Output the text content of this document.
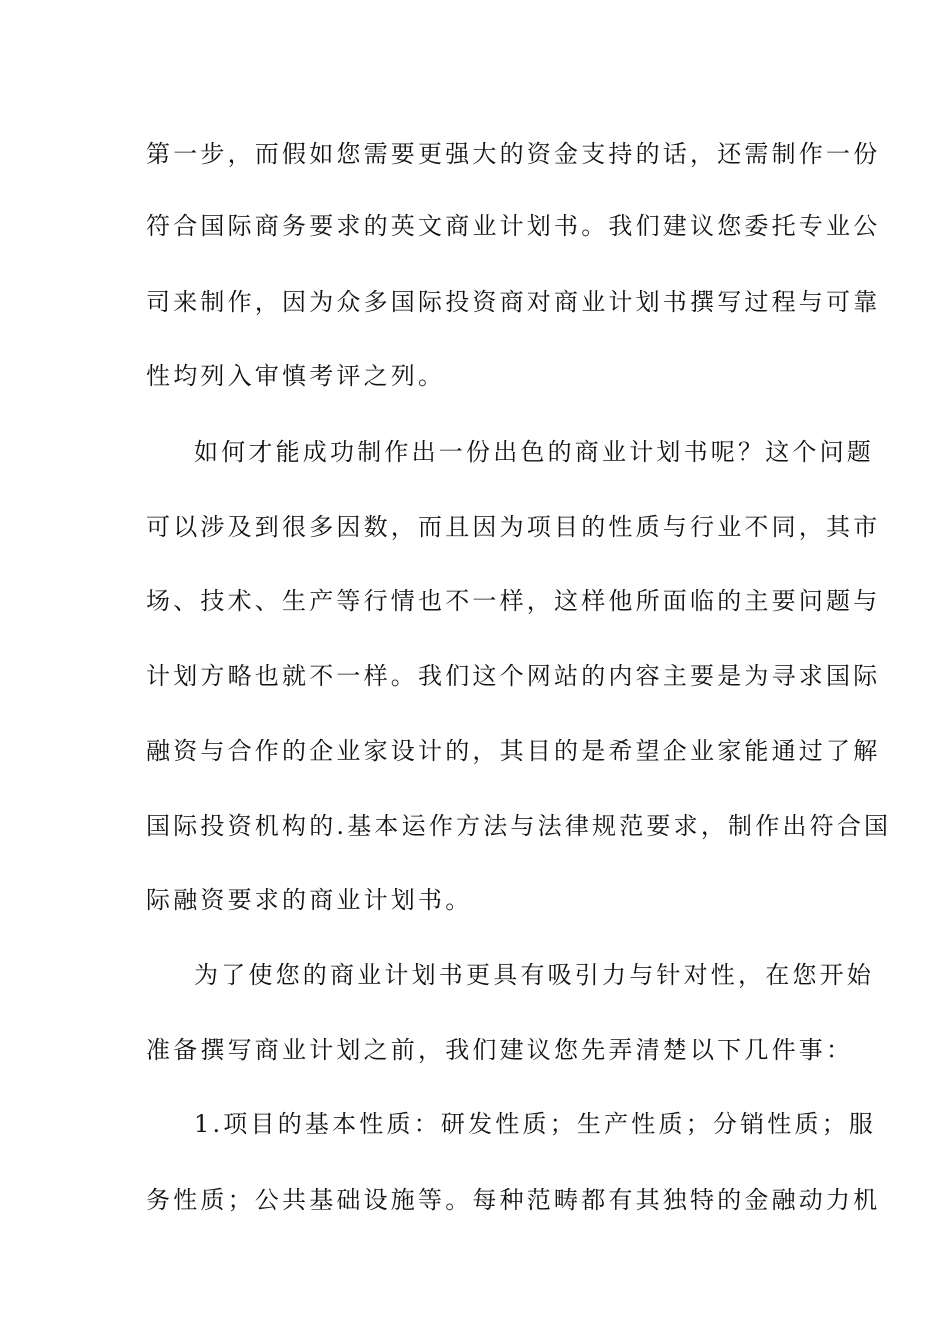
第一步，而假如您需要更强大的资金支持的话，还需制作一份
符合国际商务要求的英文商业计划书。我们建议您委托专业公
司来制作，因为众多国际投资商对商业计划书撰写过程与可靠
性均列入审慎考评之列。
如何才能成功制作出一份出色的商业计划书呢？这个问题
可以涉及到很多因数，而且因为项目的性质与行业不同，其市
场、技术、生产等行情也不一样，这样他所面临的主要问题与
计划方略也就不一样。我们这个网站的内容主要是为寻求国际
融资与合作的企业家设计的，其目的是希望企业家能通过了解
国际投资机构的.基本运作方法与法律规范要求，制作出符合国
际融资要求的商业计划书。
为了使您的商业计划书更具有吸引力与针对性，在您开始
准备撰写商业计划之前，我们建议您先弄清楚以下几件事：
1.项目的基本性质：研发性质；生产性质；分销性质；服
务性质；公共基础设施等。每种范畴都有其独特的金融动力机
